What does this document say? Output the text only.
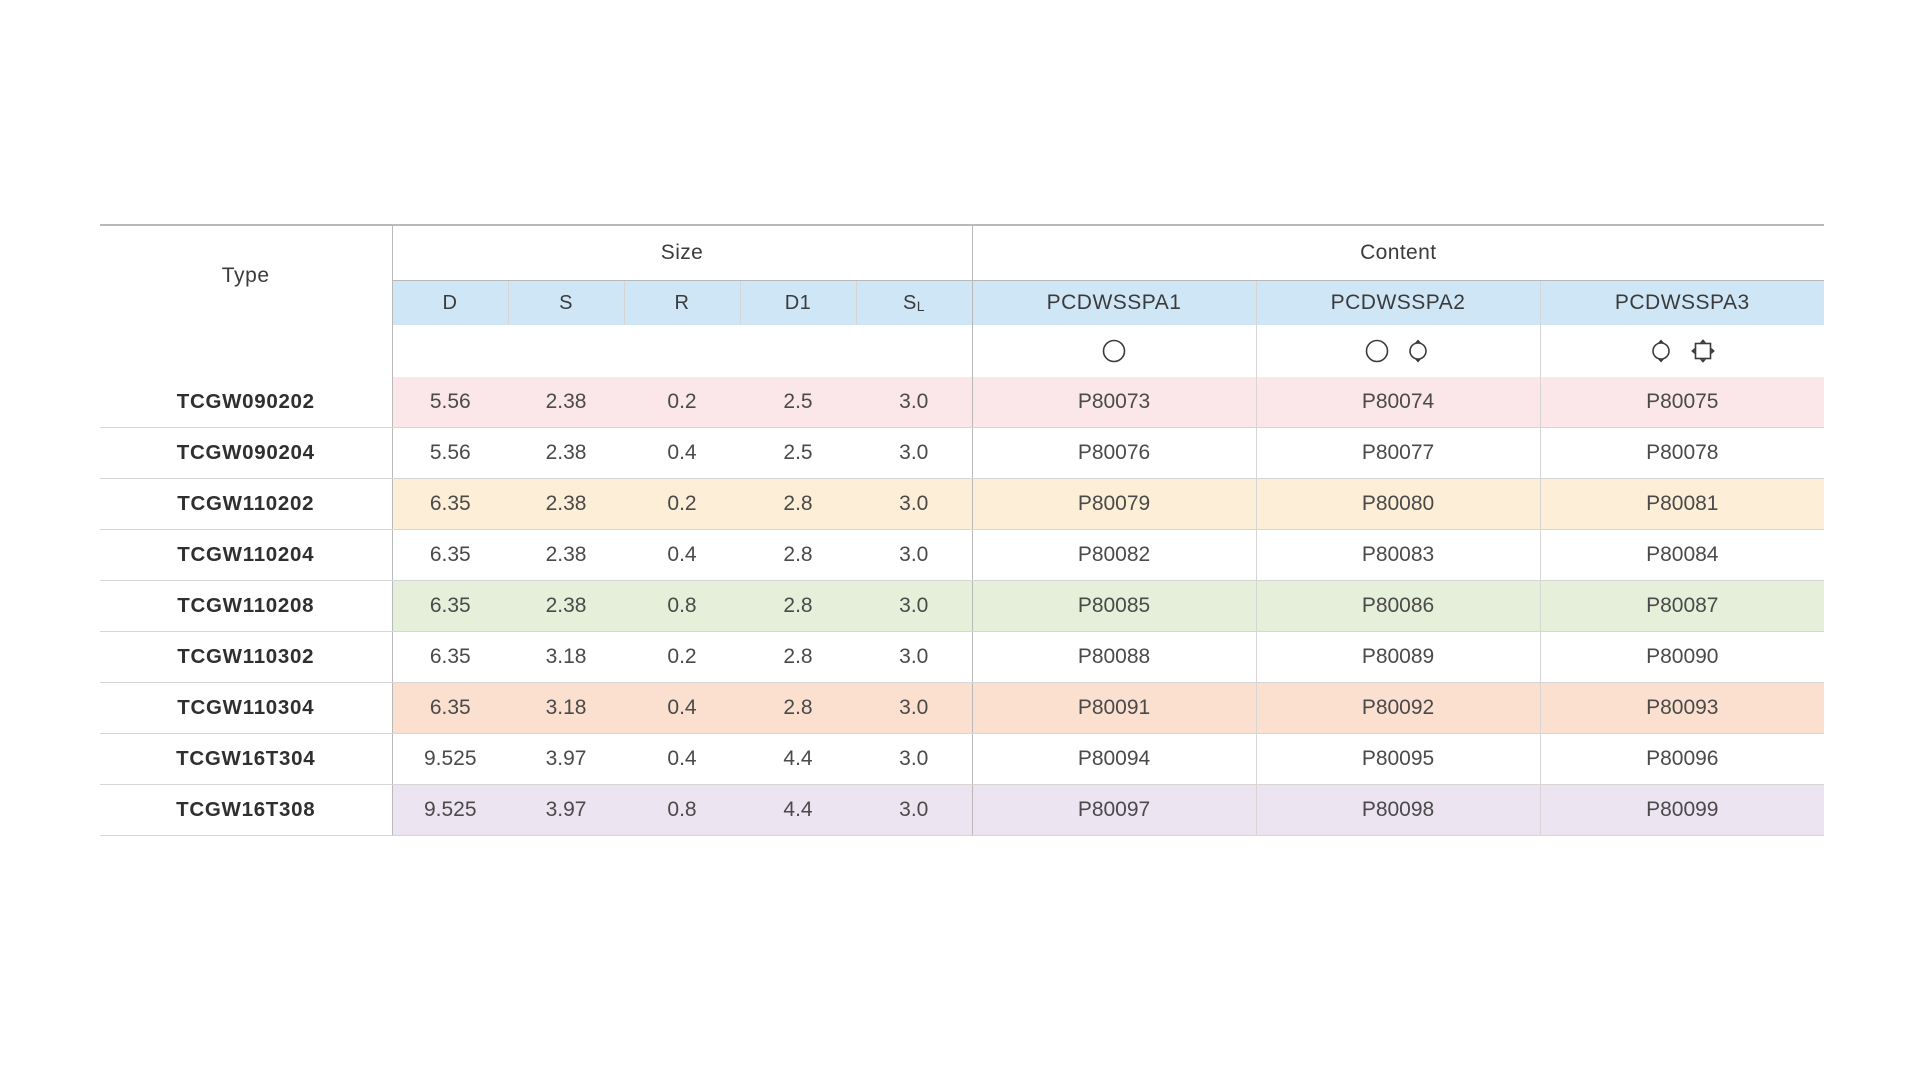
Type	Size					Content		
	D	S	R	D1	SL	PCDWSSPA1	PCDWSSPA2	PCDWSSPA3

TCGW090202	5.56	2.38	0.2	2.5	3.0	P80073	P80074	P80075
TCGW090204	5.56	2.38	0.4	2.5	3.0	P80076	P80077	P80078
TCGW110202	6.35	2.38	0.2	2.8	3.0	P80079	P80080	P80081
TCGW110204	6.35	2.38	0.4	2.8	3.0	P80082	P80083	P80084
TCGW110208	6.35	2.38	0.8	2.8	3.0	P80085	P80086	P80087
TCGW110302	6.35	3.18	0.2	2.8	3.0	P80088	P80089	P80090
TCGW110304	6.35	3.18	0.4	2.8	3.0	P80091	P80092	P80093
TCGW16T304	9.525	3.97	0.4	4.4	3.0	P80094	P80095	P80096
TCGW16T308	9.525	3.97	0.8	4.4	3.0	P80097	P80098	P80099
